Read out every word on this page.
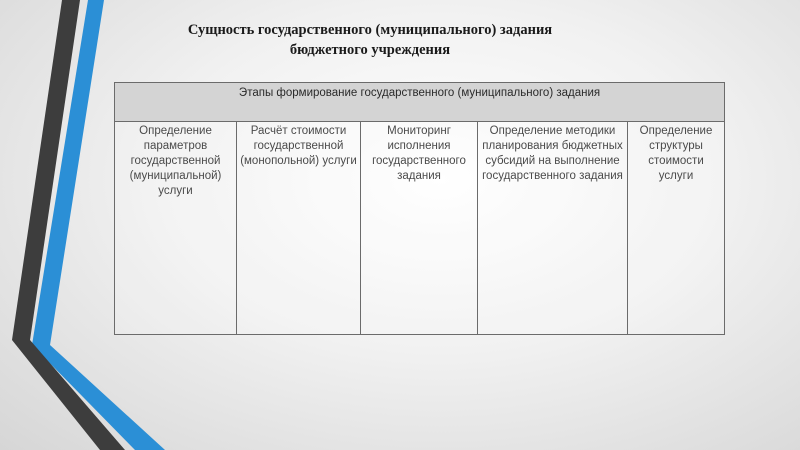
Сущность государственного (муниципального) задания
бюджетного учреждения
Этапы формирование государственного (муниципального) задания
Определение параметров государственной (муниципальной) услуги	Расчёт стоимости государственной (монопольной) услуги	Мониторинг исполнения государственного задания	Определение методики планирования бюджетных субсидий на выполнение государственного задания	Определение структуры стоимости услуги
